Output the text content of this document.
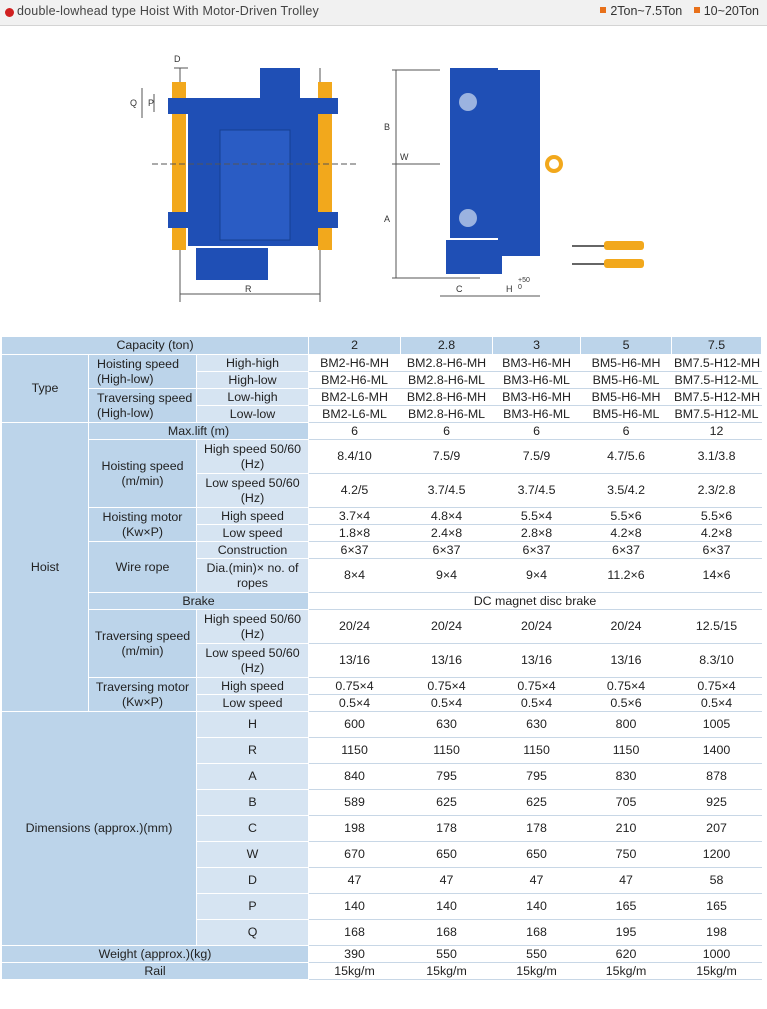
double-lowhead type Hoist With Motor-Driven Trolley	2Ton~7.5Ton 10~20Ton
R
D
Q P
B
W
A
C	H
+50
0
Capacity (ton)			2	2.8	3	5	7.5
Type	Hoisting speed (High-low)	High-high	BM2-H6-MH	BM2.8-H6-MH	BM3-H6-MH	BM5-H6-MH	BM7.5-H12-MH
		High-low	BM2-H6-ML	BM2.8-H6-ML	BM3-H6-ML	BM5-H6-ML	BM7.5-H12-ML
	Traversing speed (High-low)	Low-high	BM2-L6-MH	BM2.8-H6-MH	BM3-H6-MH	BM5-H6-MH	BM7.5-H12-MH
		Low-low	BM2-L6-ML	BM2.8-H6-ML	BM3-H6-ML	BM5-H6-ML	BM7.5-H12-ML
Hoist	Max.lift (m)		6	6	6	6	12
	Hoisting speed (m/min)	High speed 50/60 (Hz)	8.4/10	7.5/9	7.5/9	4.7/5.6	3.1/3.8
		Low speed 50/60 (Hz)	4.2/5	3.7/4.5	3.7/4.5	3.5/4.2	2.3/2.8
	Hoisting motor (Kw×P)	High speed	3.7×4	4.8×4	5.5×4	5.5×6	5.5×6
		Low speed	1.8×8	2.4×8	2.8×8	4.2×8	4.2×8
	Wire rope	Construction	6×37	6×37	6×37	6×37	6×37
		Dia.(min)× no. of ropes	8×4	9×4	9×4	11.2×6	14×6
	Brake		DC magnet disc brake				
	Traversing speed (m/min)	High speed 50/60 (Hz)	20/24	20/24	20/24	20/24	12.5/15
		Low speed 50/60 (Hz)	13/16	13/16	13/16	13/16	8.3/10
	Traversing motor (Kw×P)	High speed	0.75×4	0.75×4	0.75×4	0.75×4	0.75×4
		Low speed	0.5×4	0.5×4	0.5×4	0.5×6	0.5×4
Dimensions (approx.)(mm)		H	600	630	630	800	1005
		R	1150	1150	1150	1150	1400
		A	840	795	795	830	878
		B	589	625	625	705	925
		C	198	178	178	210	207
		W	670	650	650	750	1200
		D	47	47	47	47	58
		P	140	140	140	165	165
		Q	168	168	168	195	198
Weight (approx.)(kg)			390	550	550	620	1000
Rail			15kg/m	15kg/m	15kg/m	15kg/m	15kg/m
